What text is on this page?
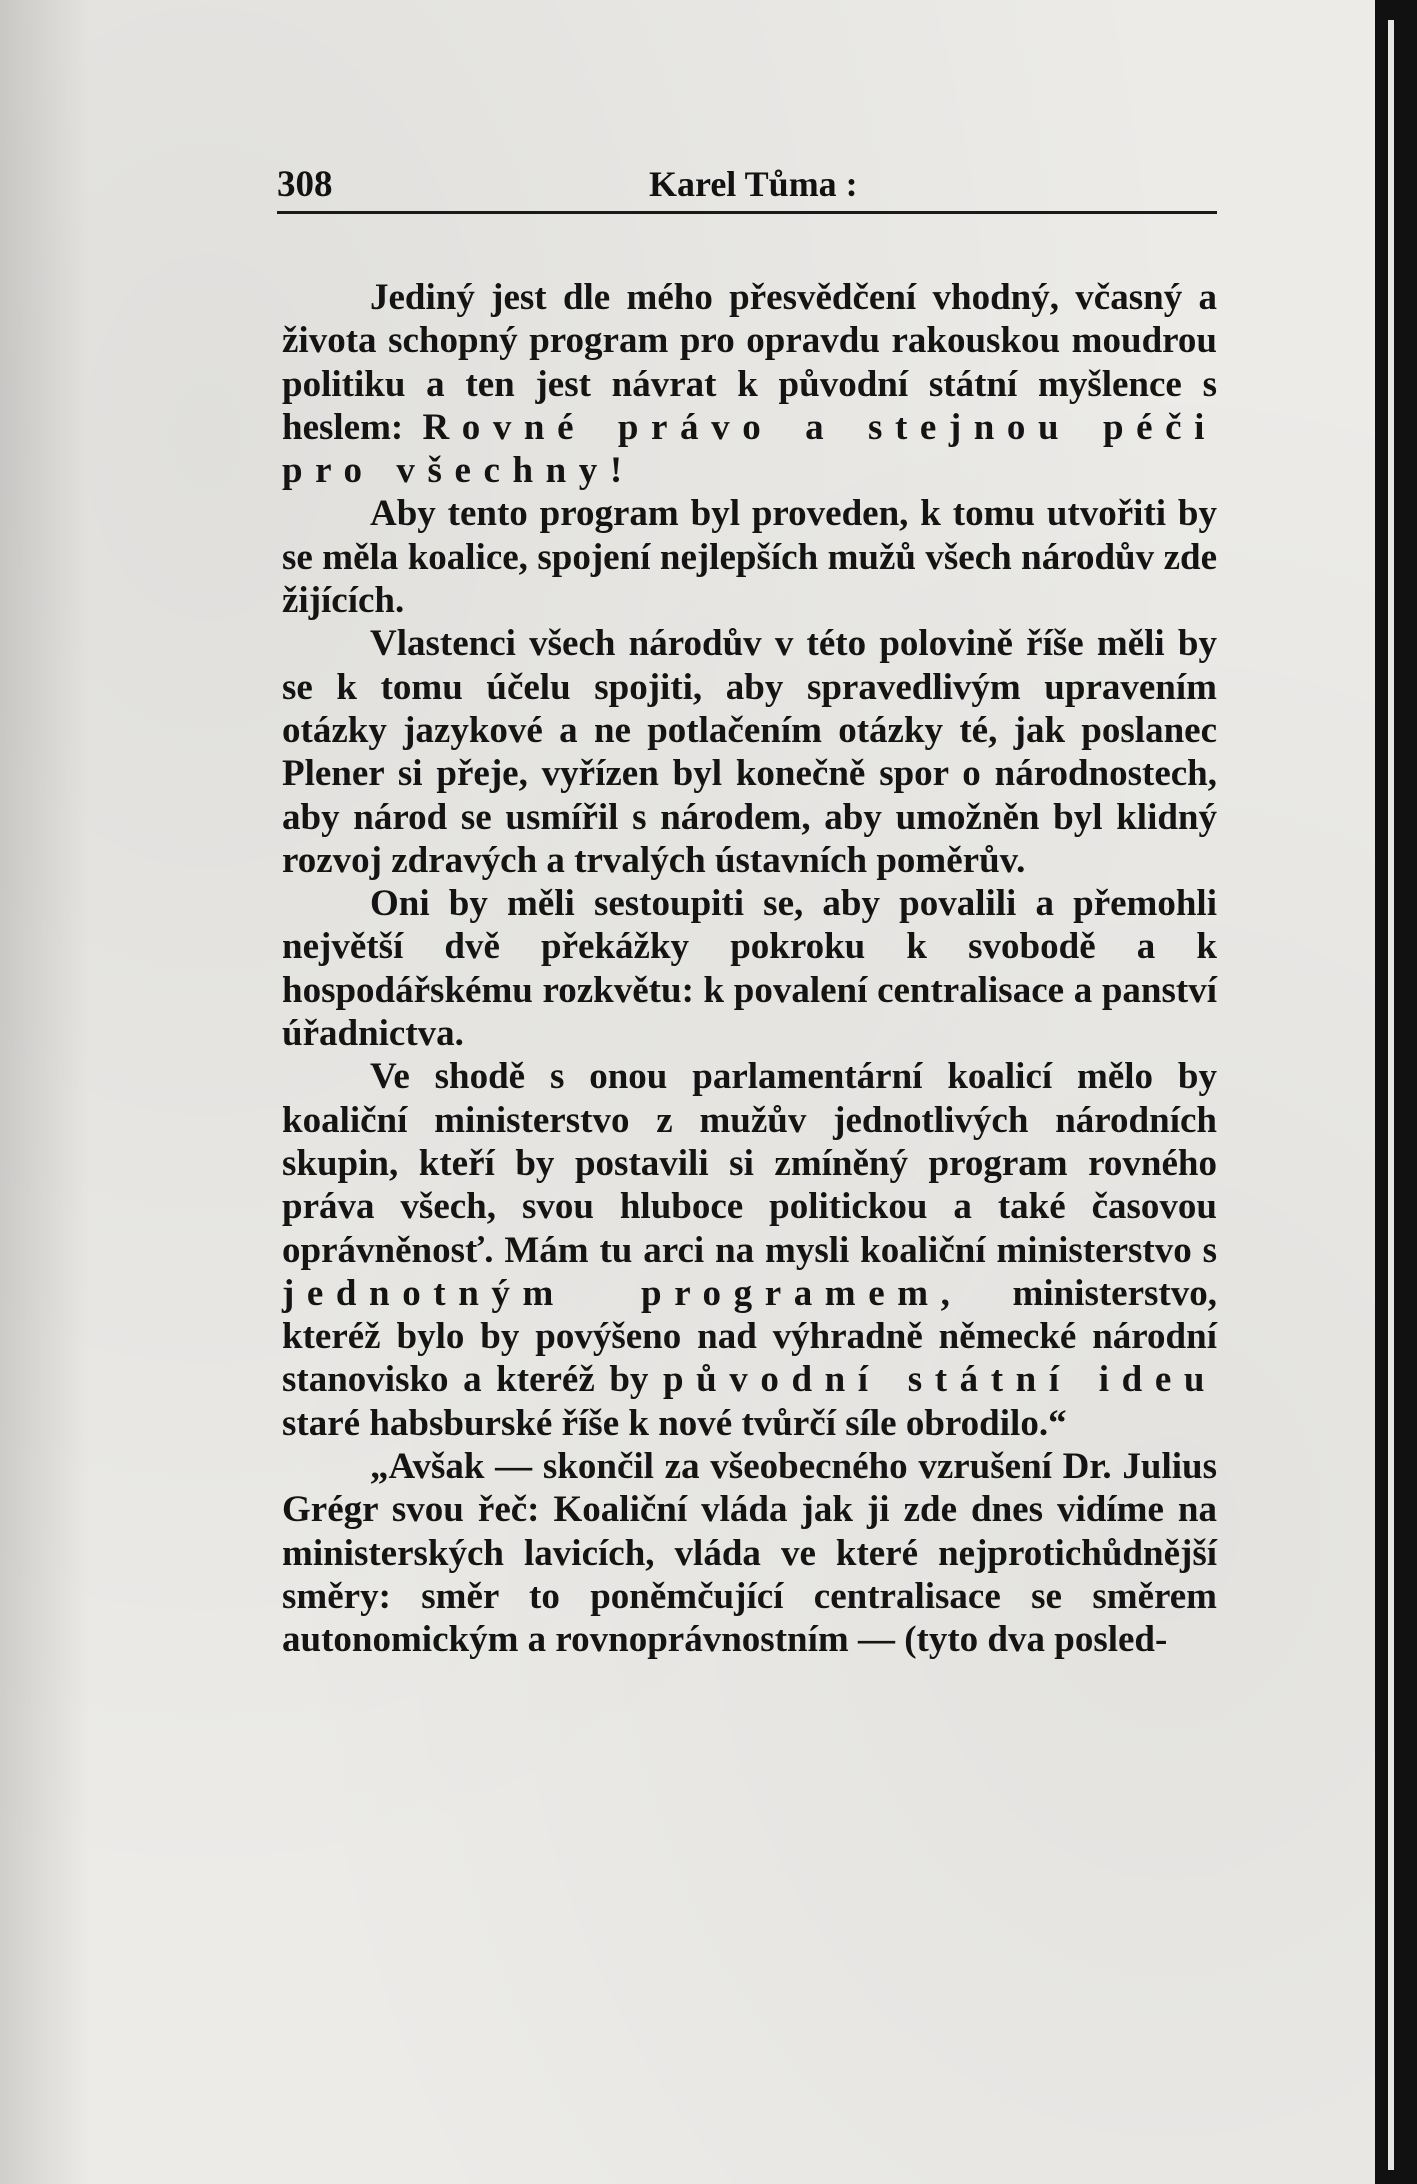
308	Karel Tůma :

Jediný jest dle mého přesvědčení vhodný, včasný a života schopný program pro opravdu rakouskou moudrou politiku a ten jest návrat k původní státní myšlence s heslem: Rovné právo a stejnou péči pro všechny!

Aby tento program byl proveden, k tomu utvořiti by se měla koalice, spojení nejlepších mužů všech národův zde žijících.

Vlastenci všech národův v této polovině říše měli by se k tomu účelu spojiti, aby spravedlivým upravením otázky jazykové a ne potlačením otázky té, jak poslanec Plener si přeje, vyřízen byl konečně spor o národnostech, aby národ se usmířil s národem, aby umožněn byl klidný rozvoj zdravých a trvalých ústavních poměrův.

Oni by měli sestoupiti se, aby povalili a přemohli největší dvě překážky pokroku k svobodě a k hospodářskému rozkvětu: k povalení centralisace a panství úřadnictva.

Ve shodě s onou parlamentární koalicí mělo by koaliční ministerstvo z mužův jednotlivých národních skupin, kteří by postavili si zmíněný program rovného práva všech, svou hluboce politickou a také časovou oprávněnosť. Mám tu arci na mysli koaliční ministerstvo s jednotným programem, ministerstvo, kteréž bylo by povýšeno nad výhradně německé národní stanovisko a kteréž by původní státní ideu staré habsburské říše k nové tvůrčí síle obrodilo.“

„Avšak — skončil za všeobecného vzrušení Dr. Julius Grégr svou řeč: Koaliční vláda jak ji zde dnes vidíme na ministerských lavicích, vláda ve které nejprotichůdnější směry: směr to poněmčující centralisace se směrem autonomickým a rovnoprávnostním — (tyto dva posled-
